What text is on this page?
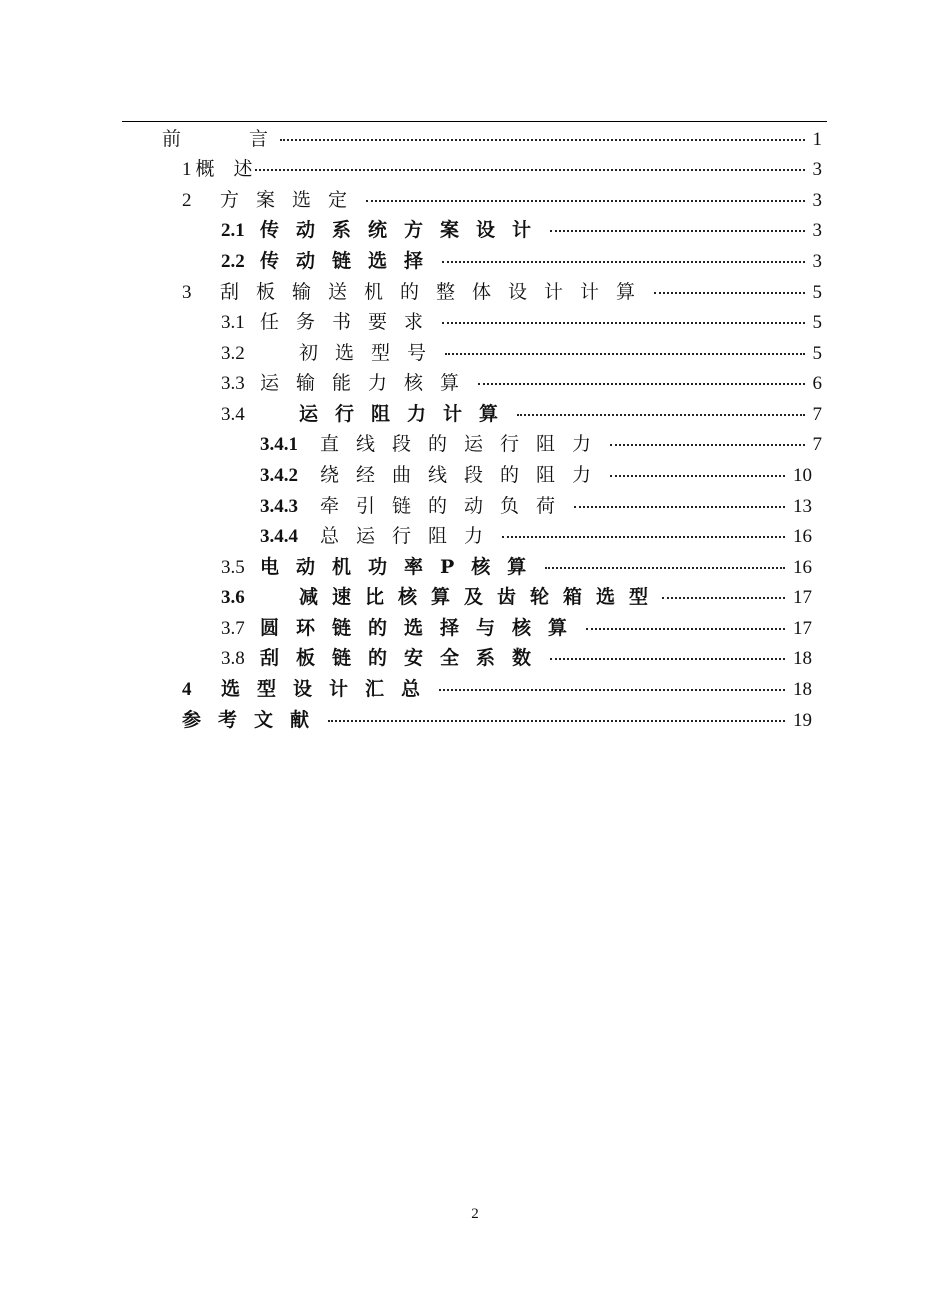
前　　言	1
1 概　述	3
2	方案选定	3
2.1 传动系统方案设计	3
2.2 传动链选择	3
3	刮板输送机的整体设计计算	5
3.1 任务书要求	5
3.2	初选型号	5
3.3 运输能力核算	6
3.4	运行阻力计算	7
3.4.1	直线段的运行阻力	7
3.4.2	绕经曲线段的阻力	10
3.4.3	牵引链的动负荷	13
3.4.4	总运行阻力	16
3.5 电动机功率P核算	16
3.6	减速比核算及齿轮箱选型	17
3.7 圆环链的选择与核算	17
3.8 刮板链的安全系数	18
4	选型设计汇总	18
参考文献	19
2
